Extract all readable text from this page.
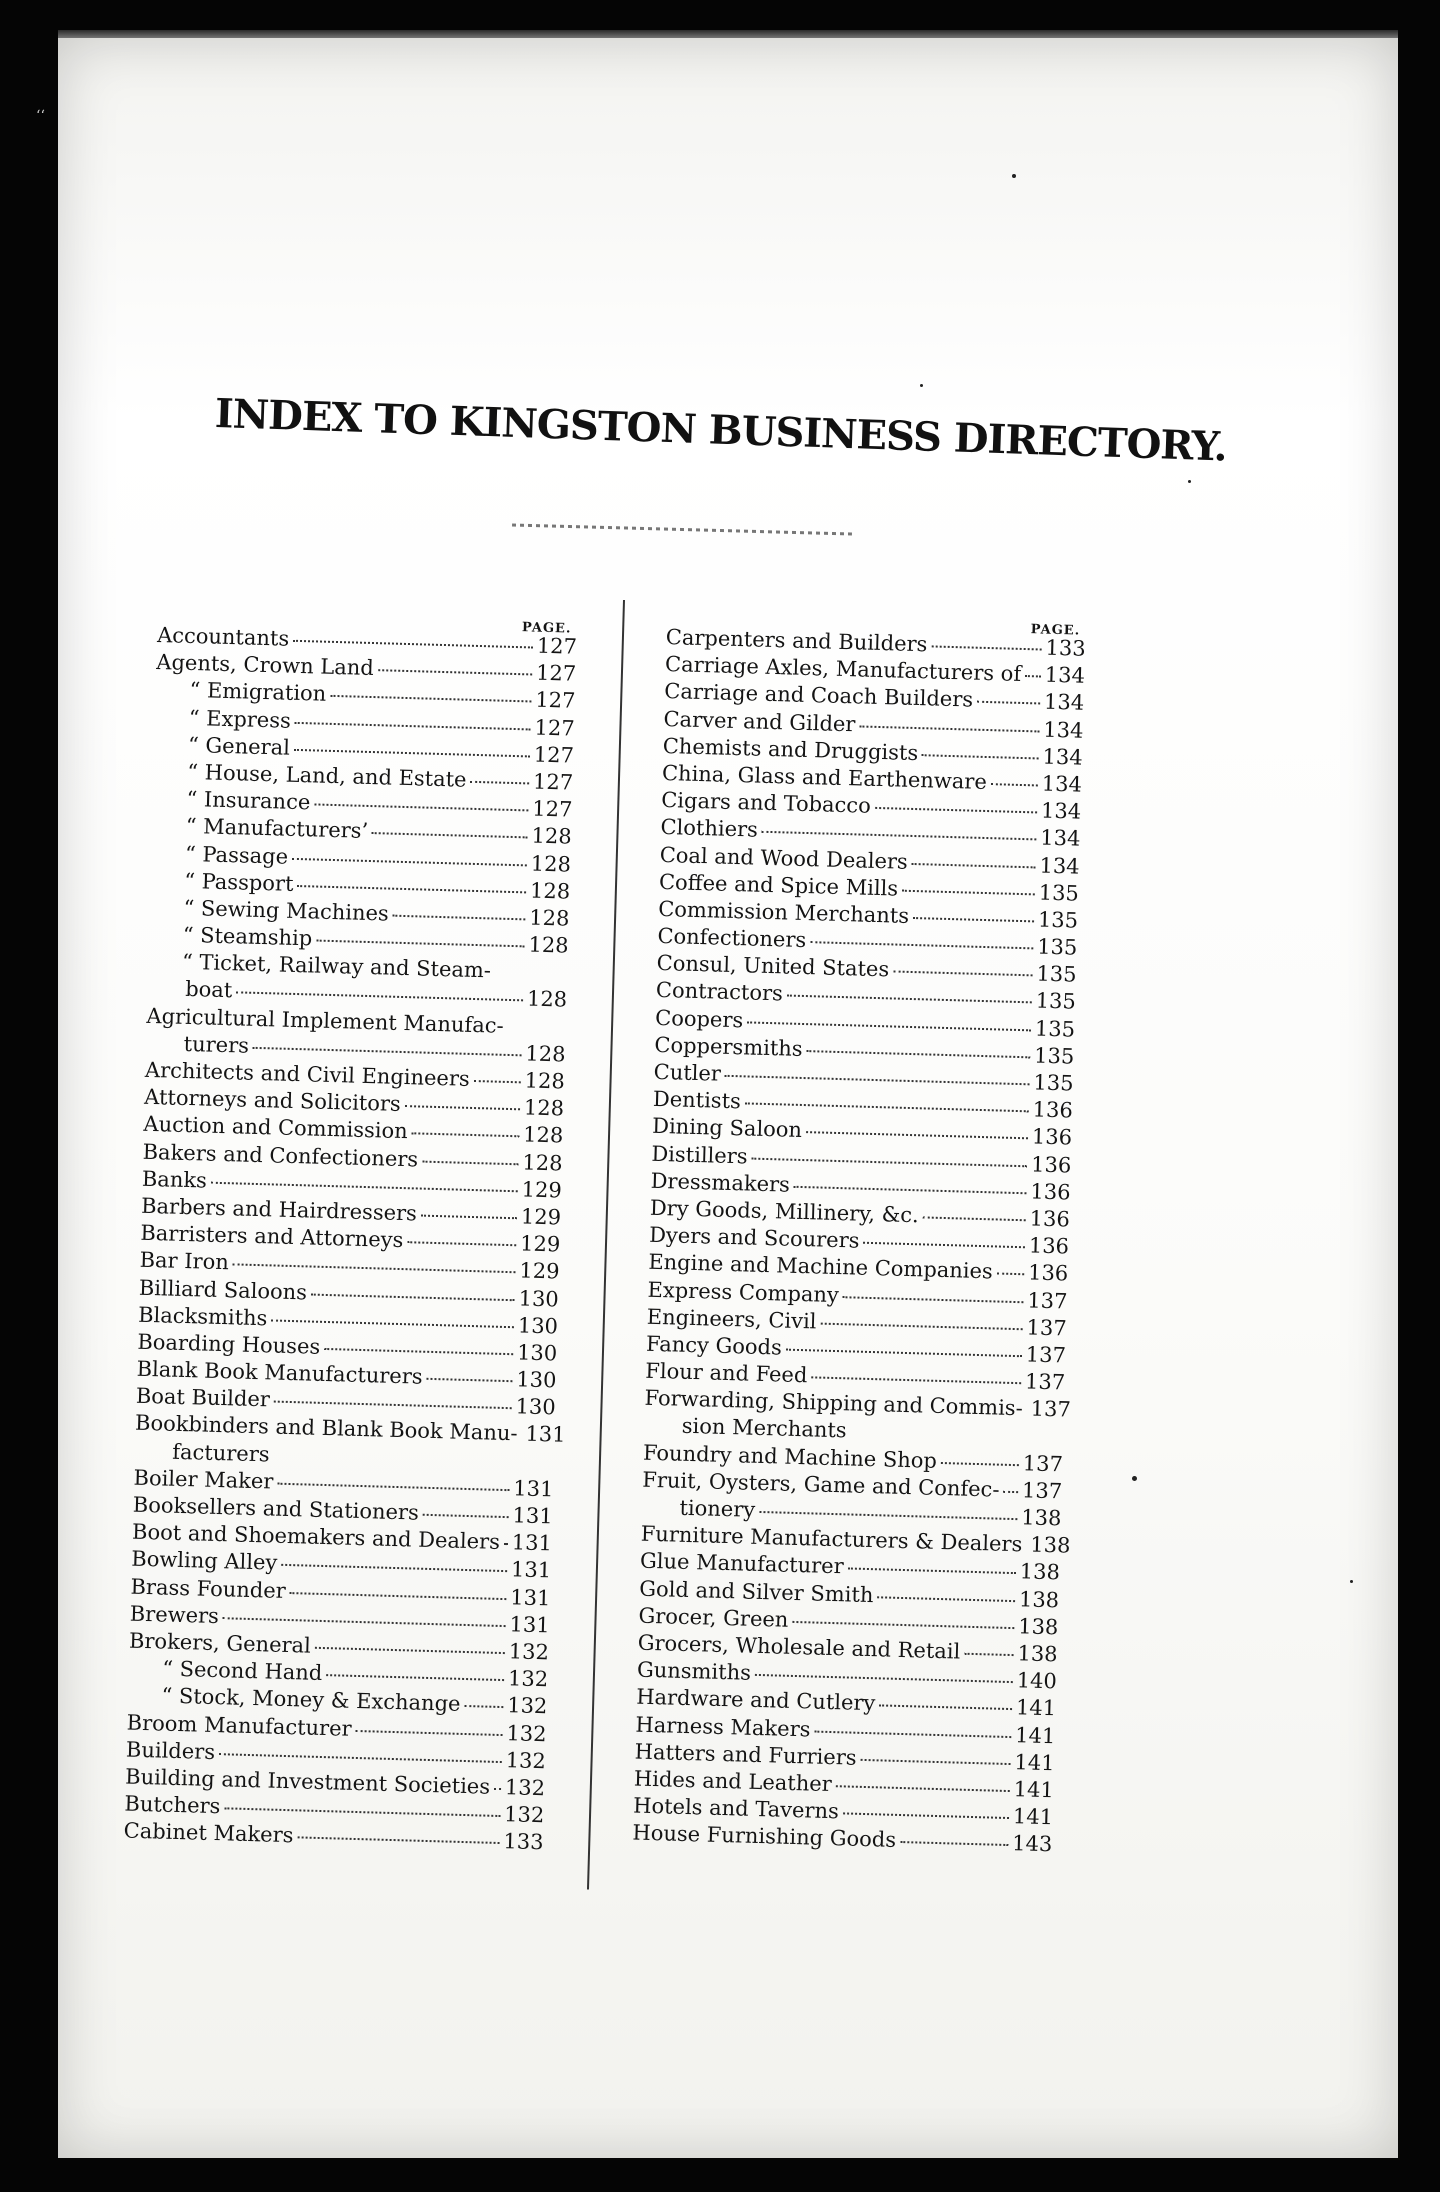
‘‘
INDEX TO KINGSTON BUSINESS DIRECTORY.
PAGE.
Accountants	127
Agents, Crown Land	127
“ Emigration	127
“ Express	127
“ General	127
“ House, Land, and Estate	127
“ Insurance	127
“ Manufacturers’	128
“ Passage	128
“ Passport	128
“ Sewing Machines	128
“ Steamship	128
“ Ticket, Railway and Steam-
boat	128
Agricultural Implement Manufac-
turers	128
Architects and Civil Engineers	128
Attorneys and Solicitors	128
Auction and Commission	128
Bakers and Confectioners	128
Banks	129
Barbers and Hairdressers	129
Barristers and Attorneys	129
Bar Iron	129
Billiard Saloons	130
Blacksmiths	130
Boarding Houses	130
Blank Book Manufacturers	130
Boat Builder	130
Bookbinders and Blank Book Manu- 131
facturers
Boiler Maker	131
Booksellers and Stationers	131
Boot and Shoemakers and Dealers 131
Bowling Alley	131
Brass Founder	131
Brewers	131
Brokers, General	132
“ Second Hand	132
“ Stock, Money & Exchange 132
Broom Manufacturer	132
Builders	132
Building and Investment Societies 132
Butchers	132
Cabinet Makers	133
PAGE.
Carpenters and Builders	133
Carriage Axles, Manufacturers of 134
Carriage and Coach Builders	134
Carver and Gilder	134
Chemists and Druggists	134
China, Glass and Earthenware	134
Cigars and Tobacco	134
Clothiers	134
Coal and Wood Dealers	134
Coffee and Spice Mills	135
Commission Merchants	135
Confectioners	135
Consul, United States	135
Contractors	135
Coopers	135
Coppersmiths	135
Cutler	135
Dentists	136
Dining Saloon	136
Distillers	136
Dressmakers	136
Dry Goods, Millinery, &c.	136
Dyers and Scourers	136
Engine and Machine Companies 136
Express Company	137
Engineers, Civil	137
Fancy Goods	137
Flour and Feed	137
Forwarding, Shipping and Commis- 137
sion Merchants
Foundry and Machine Shop	137
Fruit, Oysters, Game and Confec- 137
tionery	138
Furniture Manufacturers & Dealers 138
Glue Manufacturer	138
Gold and Silver Smith	138
Grocer, Green	138
Grocers, Wholesale and Retail	138
Gunsmiths	140
Hardware and Cutlery	141
Harness Makers	141
Hatters and Furriers	141
Hides and Leather	141
Hotels and Taverns	141
House Furnishing Goods	143
